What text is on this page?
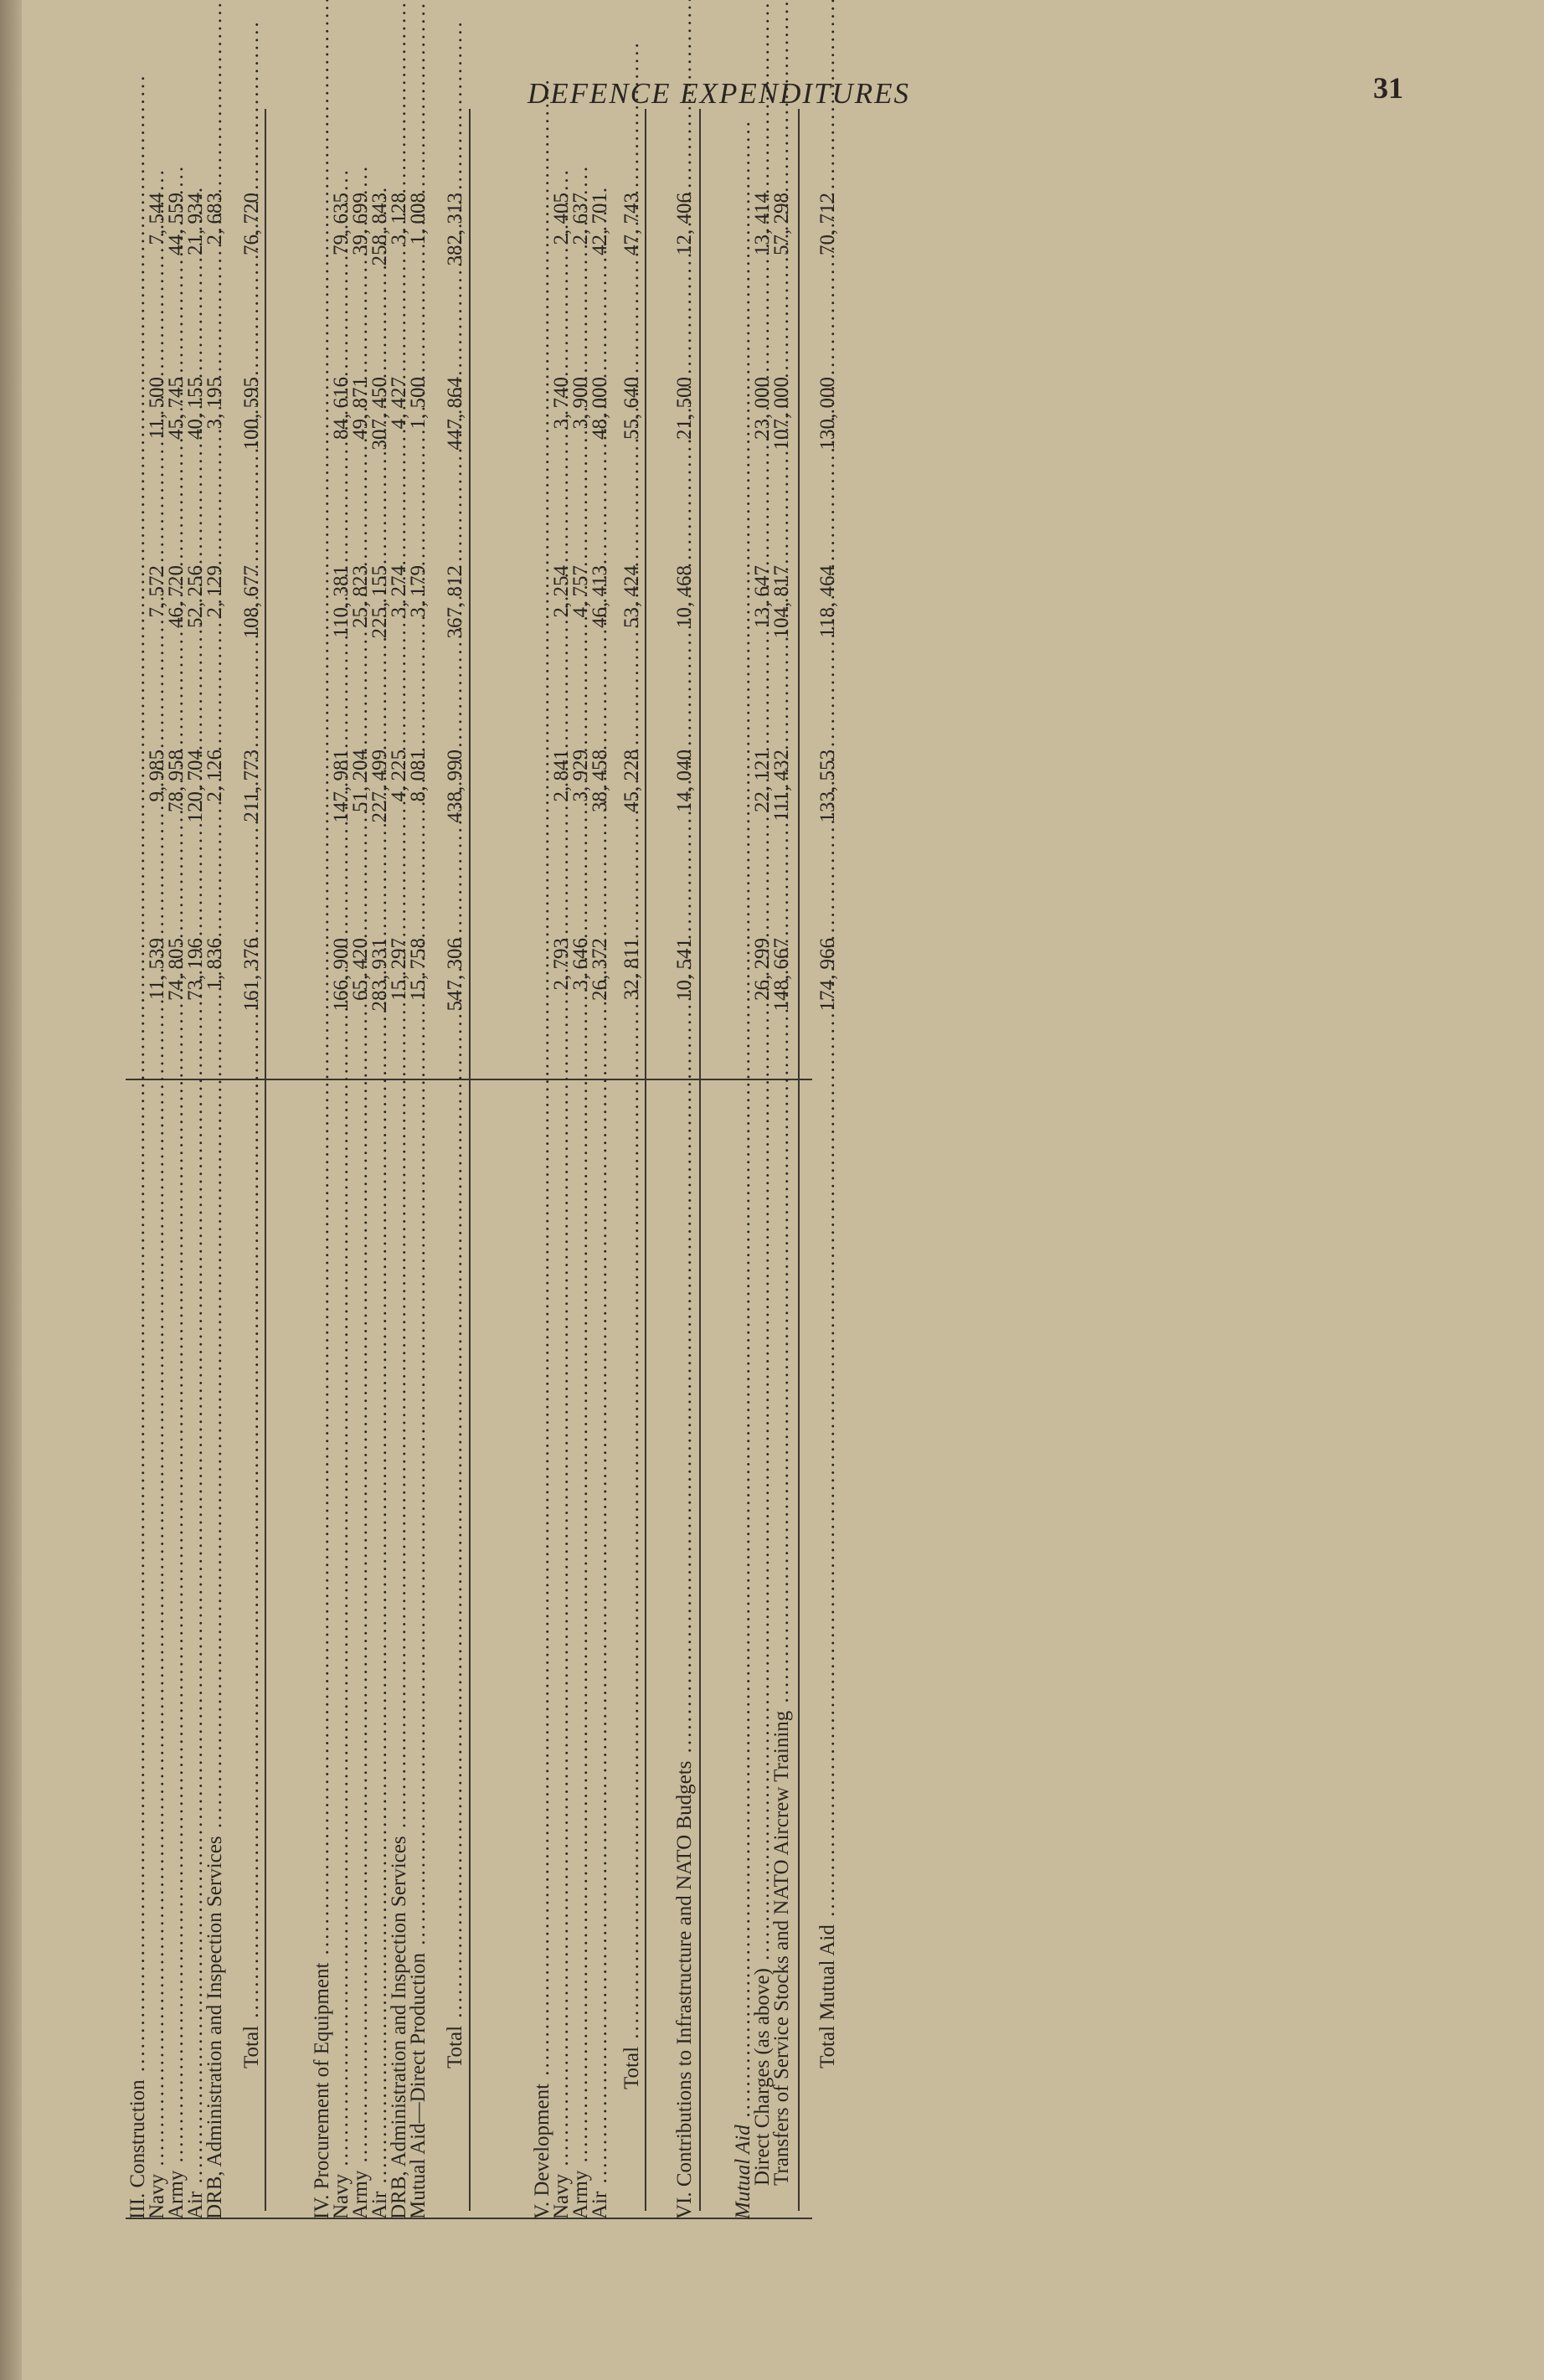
DEFENCE EXPENDITURES	31
III. Construction .....
Navy .....
11, 539
9, 985
7, 572
11, 500
7, 544
Army .....
74, 805
78, 958
46, 720
45, 745
44, 559
Air .....
73, 196
120, 704
52, 256
40, 155
21, 934
DRB, Administration and Inspection Services .....
1, 836
2, 126
2, 129
3, 195
2, 683
Total .....
161, 376
211, 773
108, 677
100, 595
76, 720
IV. Procurement of Equipment .....
Navy .....
166, 900
147, 981
110, 381
84, 616
79, 635
Army .....
65, 420
51, 204
25, 823
49, 871
39, 699
Air .....
283, 931
227, 499
225, 155
307, 450
258, 843
DRB, Administration and Inspection Services .....
15, 297
4, 225
3, 274
4, 427
3, 128
Mutual Aid—Direct Production .....
15, 758
8, 081
3, 179
1, 500
1, 008
Total .....
547, 306
438, 990
367, 812
447, 864
382, 313
V. Development .....
Navy .....
2, 793
2, 841
2, 254
3, 740
2, 405
Army .....
3, 646
3, 929
4, 757
3, 900
2, 637
Air .....
26, 372
38, 458
46, 413
48, 000
42, 701
Total .....
32, 811
45, 228
53, 424
55, 640
47, 743
VI. Contributions to Infrastructure and NATO Budgets .....
10, 541
14, 040
10, 468
21, 500
12, 406
Mutual Aid .....
Direct Charges (as above) .....
26, 299
22, 121
13, 647
23, 000
13, 414
Transfers of Service Stocks and NATO Aircrew Training .....
148, 667
111, 432
104, 817
107, 000
57, 298
Total Mutual Aid .....
174, 966
133, 553
118, 464
130, 000
70, 712
